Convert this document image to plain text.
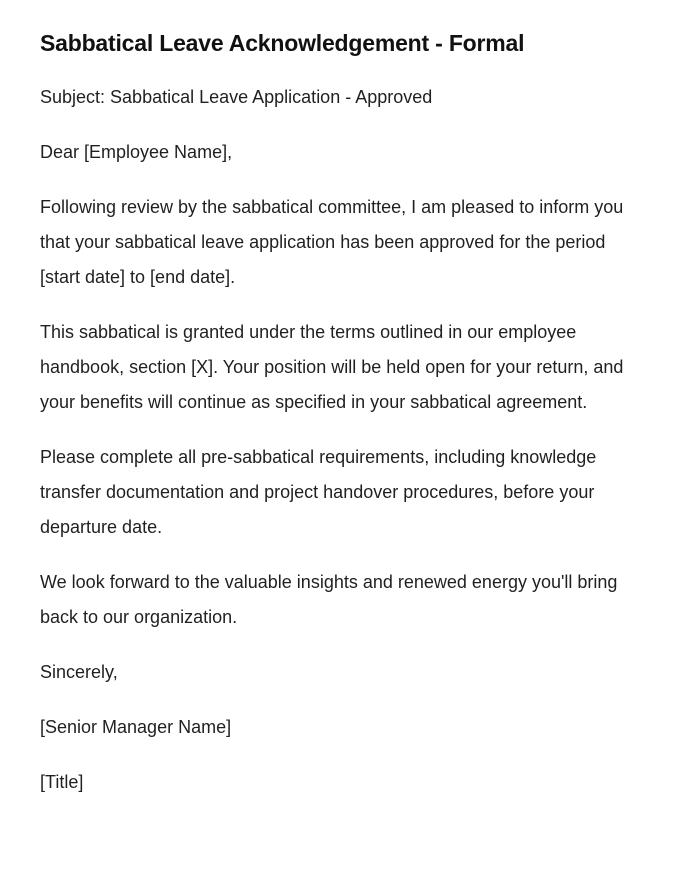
Sabbatical Leave Acknowledgement - Formal

Subject: Sabbatical Leave Application - Approved

Dear [Employee Name],

Following review by the sabbatical committee, I am pleased to inform you that your sabbatical leave application has been approved for the period [start date] to [end date].

This sabbatical is granted under the terms outlined in our employee handbook, section [X]. Your position will be held open for your return, and your benefits will continue as specified in your sabbatical agreement.

Please complete all pre-sabbatical requirements, including knowledge transfer documentation and project handover procedures, before your departure date.

We look forward to the valuable insights and renewed energy you'll bring back to our organization.

Sincerely,

[Senior Manager Name]

[Title]
